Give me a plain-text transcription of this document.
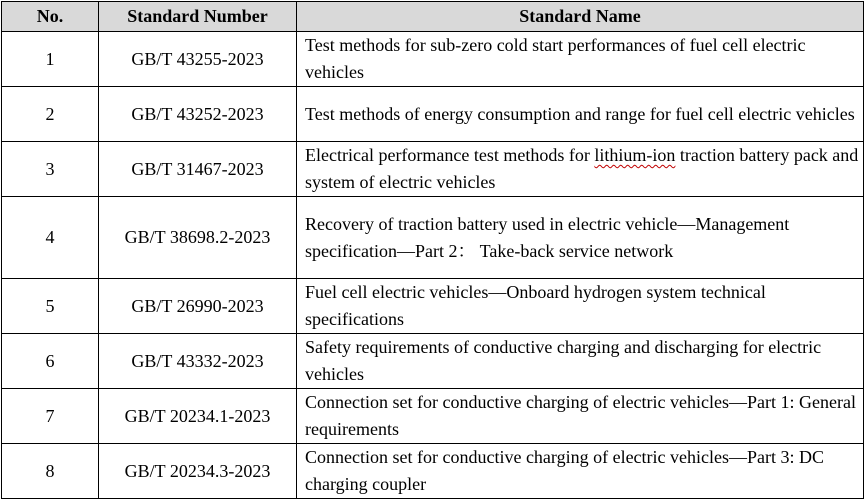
No.	Standard Number	Standard Name
1	GB/T 43255-2023	Test methods for sub-zero cold start performances of fuel cell electric vehicles
2	GB/T 43252-2023	Test methods of energy consumption and range for fuel cell electric vehicles
3	GB/T 31467-2023	Electrical performance test methods for lithium-ion traction battery pack and system of electric vehicles
4	GB/T 38698.2-2023	Recovery of traction battery used in electric vehicle—Management specification—Part 2： Take-back service network
5	GB/T 26990-2023	Fuel cell electric vehicles—Onboard hydrogen system technical specifications
6	GB/T 43332-2023	Safety requirements of conductive charging and discharging for electric vehicles
7	GB/T 20234.1-2023	Connection set for conductive charging of electric vehicles—Part 1: General requirements
8	GB/T 20234.3-2023	Connection set for conductive charging of electric vehicles—Part 3: DC charging coupler
